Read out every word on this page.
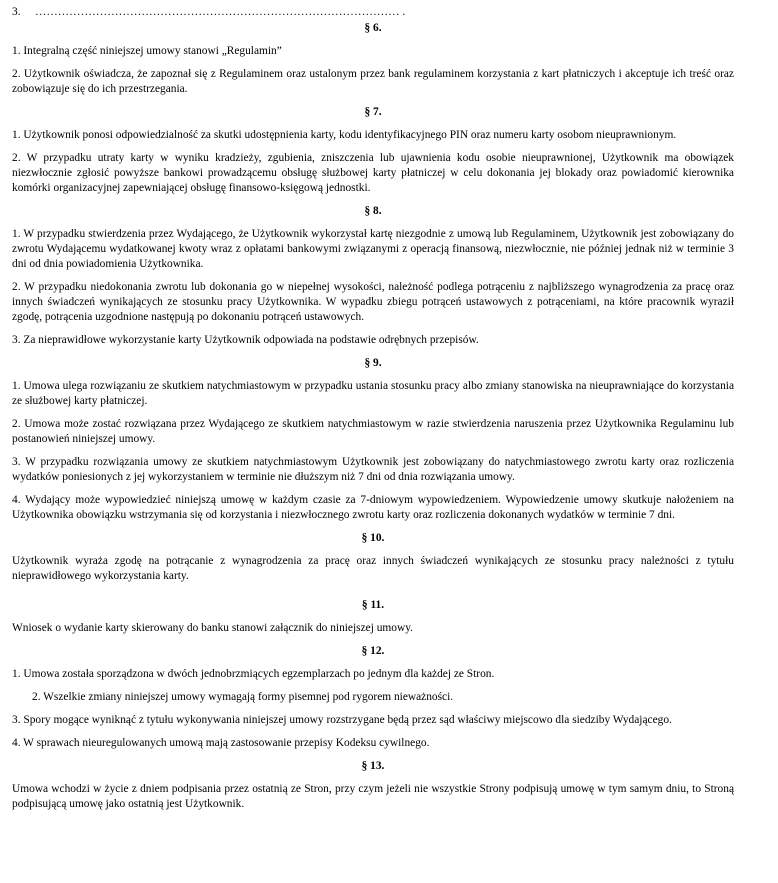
3. …………………………………………………………………………………… .
§ 6.

1. Integralną część niniejszej umowy stanowi „Regulamin”

2. Użytkownik oświadcza, że zapoznał się z Regulaminem oraz ustalonym przez bank regulaminem korzystania z kart płatniczych i akceptuje ich treść oraz zobowiązuje się do ich przestrzegania.

§ 7.

1. Użytkownik ponosi odpowiedzialność za skutki udostępnienia karty, kodu identyfikacyjnego PIN oraz numeru karty osobom nieuprawnionym.

2. W przypadku utraty karty w wyniku kradzieży, zgubienia, zniszczenia lub ujawnienia kodu osobie nieuprawnionej, Użytkownik ma obowiązek niezwłocznie zgłosić powyższe bankowi prowadzącemu obsługę służbowej karty płatniczej w celu dokonania jej blokady oraz powiadomić kierownika komórki organizacyjnej zapewniającej obsługę finansowo-księgową jednostki.

§ 8.

1. W przypadku stwierdzenia przez Wydającego, że Użytkownik wykorzystał kartę niezgodnie z umową lub Regulaminem, Użytkownik jest zobowiązany do zwrotu Wydającemu wydatkowanej kwoty wraz z opłatami bankowymi związanymi z operacją finansową, niezwłocznie, nie później jednak niż w terminie 3 dni od dnia powiadomienia Użytkownika.

2. W przypadku niedokonania zwrotu lub dokonania go w niepełnej wysokości, należność podlega potrąceniu z najbliższego wynagrodzenia za pracę oraz innych świadczeń wynikających ze stosunku pracy Użytkownika. W wypadku zbiegu potrąceń ustawowych z potrąceniami, na które pracownik wyraził zgodę, potrącenia uzgodnione następują po dokonaniu potrąceń ustawowych.

3. Za nieprawidłowe wykorzystanie karty Użytkownik odpowiada na podstawie odrębnych przepisów.

§ 9.

1. Umowa ulega rozwiązaniu ze skutkiem natychmiastowym w przypadku ustania stosunku pracy albo zmiany stanowiska na nieuprawniające do korzystania ze służbowej karty płatniczej.

2. Umowa może zostać rozwiązana przez Wydającego ze skutkiem natychmiastowym w razie stwierdzenia naruszenia przez Użytkownika Regulaminu lub postanowień niniejszej umowy.

3. W przypadku rozwiązania umowy ze skutkiem natychmiastowym Użytkownik jest zobowiązany do natychmiastowego zwrotu karty oraz rozliczenia wydatków poniesionych z jej wykorzystaniem w terminie nie dłuższym niż 7 dni od dnia rozwiązania umowy.

4. Wydający może wypowiedzieć niniejszą umowę w każdym czasie za 7-dniowym wypowiedzeniem. Wypowiedzenie umowy skutkuje nałożeniem na Użytkownika obowiązku wstrzymania się od korzystania i niezwłocznego zwrotu karty oraz rozliczenia dokonanych wydatków w terminie 7 dni.

§ 10.

Użytkownik wyraża zgodę na potrącanie z wynagrodzenia za pracę oraz innych świadczeń wynikających ze stosunku pracy należności z tytułu nieprawidłowego wykorzystania karty.

§ 11.

Wniosek o wydanie karty skierowany do banku stanowi załącznik do niniejszej umowy.

§ 12.

1. Umowa została sporządzona w dwóch jednobrzmiących egzemplarzach po jednym dla każdej ze Stron.

2. Wszelkie zmiany niniejszej umowy wymagają formy pisemnej pod rygorem nieważności.

3. Spory mogące wyniknąć z tytułu wykonywania niniejszej umowy rozstrzygane będą przez sąd właściwy miejscowo dla siedziby Wydającego.

4. W sprawach nieuregulowanych umową mają zastosowanie przepisy Kodeksu cywilnego.

§ 13.

Umowa wchodzi w życie z dniem podpisania przez ostatnią ze Stron, przy czym jeżeli nie wszystkie Strony podpisują umowę w tym samym dniu, to Stroną podpisującą umowę jako ostatnią jest Użytkownik.
